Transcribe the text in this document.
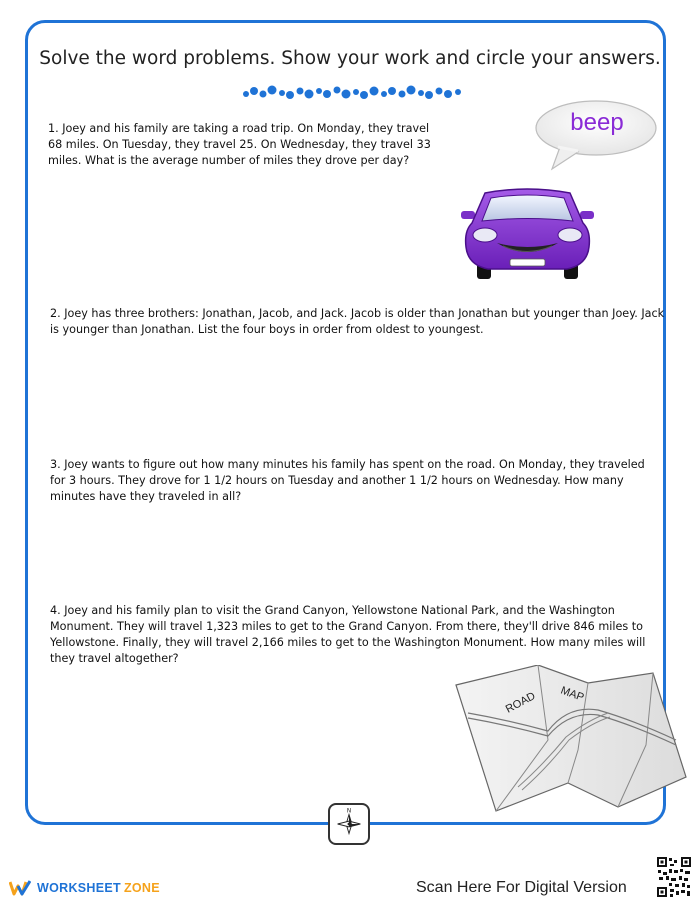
Solve the word problems. Show your work and circle your answers.
1. Joey and his family are taking a road trip. On Monday, they travel 68 miles. On Tuesday, they travel 25. On Wednesday, they travel 33 miles. What is the average number of miles they drove per day?
2. Joey has three brothers: Jonathan, Jacob, and Jack. Jacob is older than Jonathan but younger than Joey. Jack is younger than Jonathan. List the four boys in order from oldest to youngest.
3. Joey wants to figure out how many minutes his family has spent on the road. On Monday, they traveled for 3 hours. They drove for 1 1/2 hours on Tuesday and another 1 1/2 hours on Wednesday. How many minutes have they traveled in all?
4. Joey and his family plan to visit the Grand Canyon, Yellowstone National Park, and the Washington Monument. They will travel 1,323 miles to get to the Grand Canyon. From there, they'll drive 846 miles to Yellowstone. Finally, they will travel 2,166 miles to get to the Washington Monument. How many miles will they travel altogether?
beep
ROAD MAP
N
WORKSHEET ZONE	Scan Here For Digital Version
